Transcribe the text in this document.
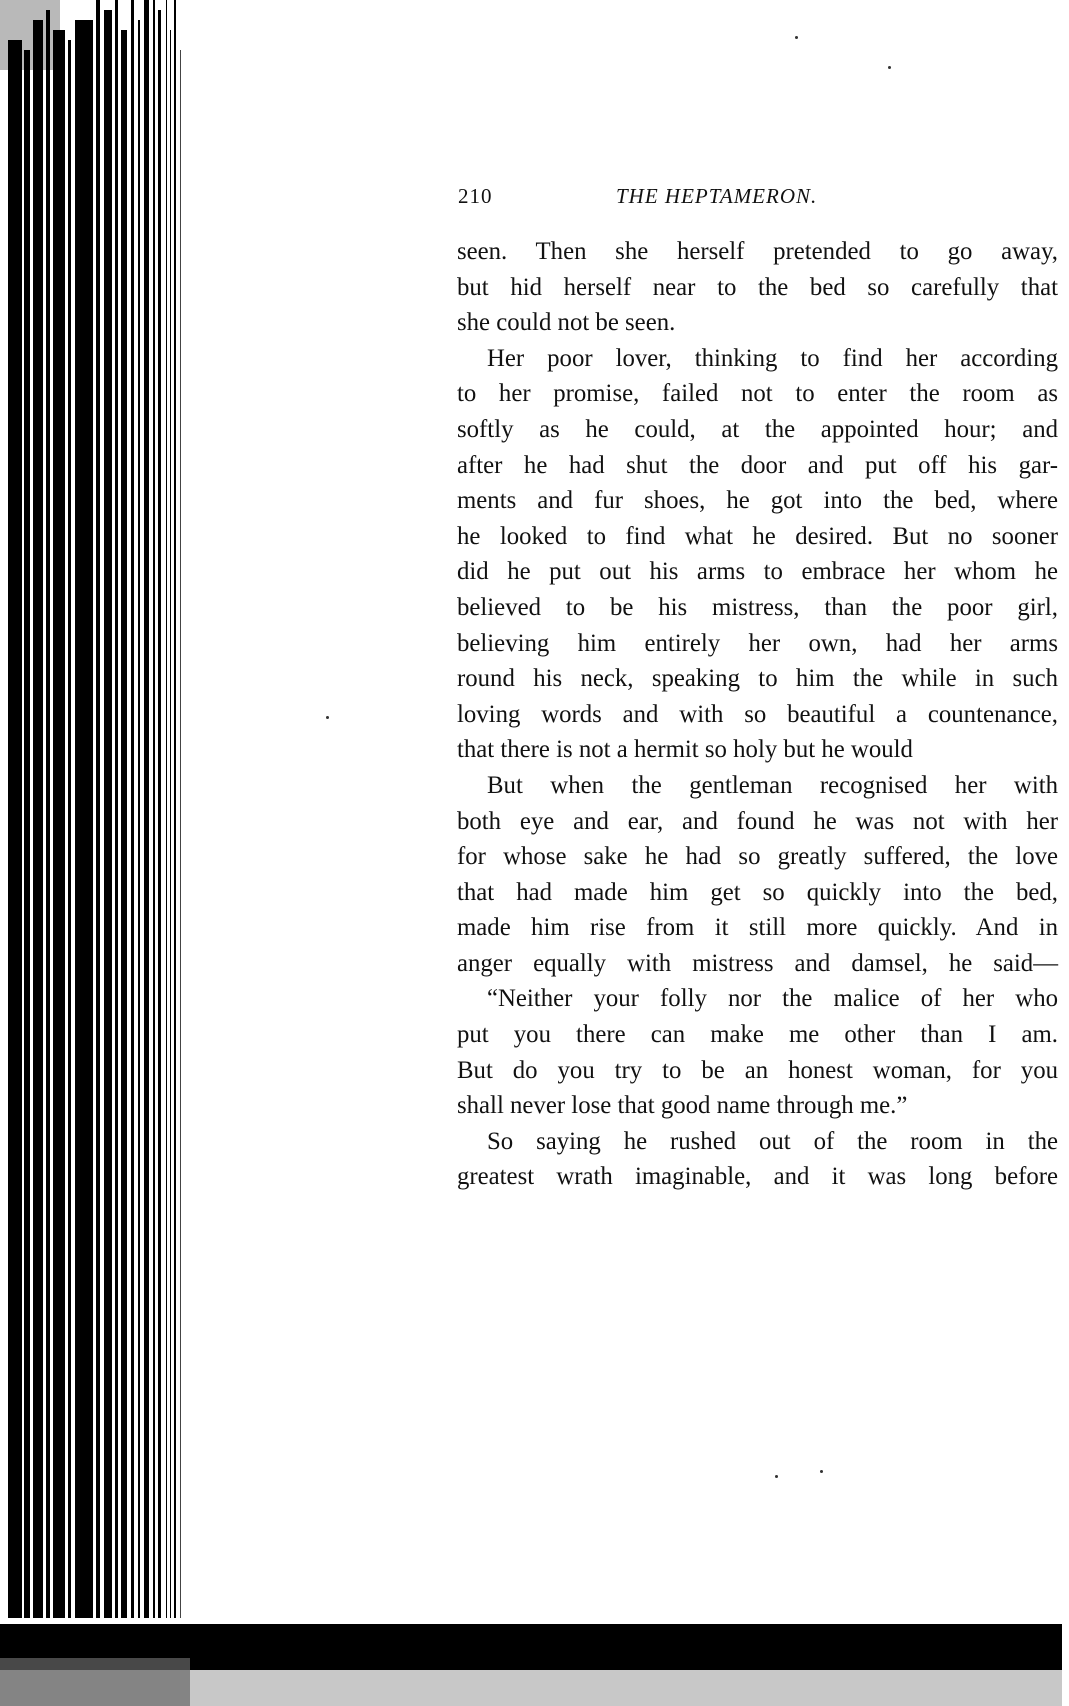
210	THE HEPTAMERON.

seen. Then she herself pretended to go away,

but hid herself near to the bed so carefully that

she could not be seen.

Her poor lover, thinking to find her according

to her promise, failed not to enter the room as

softly as he could, at the appointed hour; and

after he had shut the door and put off his gar-

ments and fur shoes, he got into the bed, where

he looked to find what he desired. But no sooner

did he put out his arms to embrace her whom he

believed to be his mistress, than the poor girl,

believing him entirely her own, had her arms

round his neck, speaking to him the while in such

loving words and with so beautiful a countenance,

that there is not a hermit so holy but he would

But when the gentleman recognised her with

both eye and ear, and found he was not with her

for whose sake he had so greatly suffered, the love

that had made him get so quickly into the bed,

made him rise from it still more quickly. And in

anger equally with mistress and damsel, he said—

“Neither your folly nor the malice of her who

put you there can make me other than I am.

But do you try to be an honest woman, for you

shall never lose that good name through me.”

So saying he rushed out of the room in the

greatest wrath imaginable, and it was long before
